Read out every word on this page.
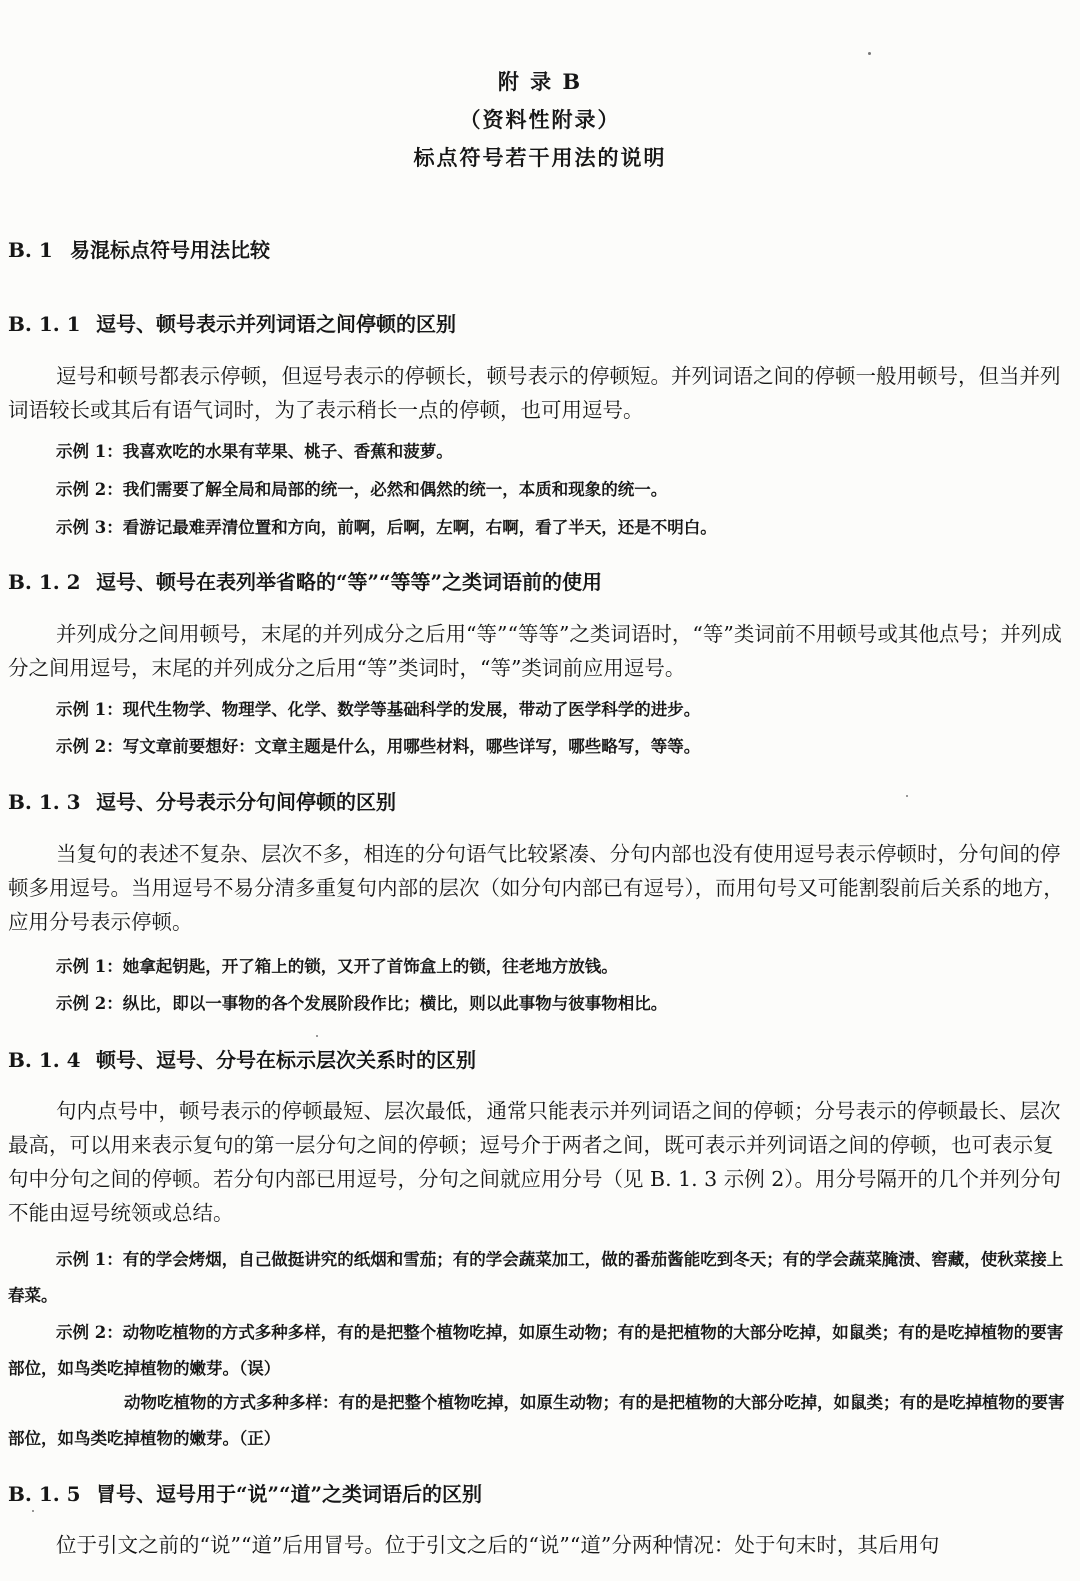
附 录 B
（资料性附录）
标点符号若干用法的说明
B. 1 易混标点符号用法比较
B. 1. 1 逗号、顿号表示并列词语之间停顿的区别
逗号和顿号都表示停顿，但逗号表示的停顿长，顿号表示的停顿短。并列词语之间的停顿一般用顿号，但当并列词语较长或其后有语气词时，为了表示稍长一点的停顿，也可用逗号。
示例 1：我喜欢吃的水果有苹果、桃子、香蕉和菠萝。
示例 2：我们需要了解全局和局部的统一，必然和偶然的统一，本质和现象的统一。
示例 3：看游记最难弄清位置和方向，前啊，后啊，左啊，右啊，看了半天，还是不明白。
B. 1. 2 逗号、顿号在表列举省略的“等”“等等”之类词语前的使用
并列成分之间用顿号，末尾的并列成分之后用“等”“等等”之类词语时，“等”类词前不用顿号或其他点号；并列成分之间用逗号，末尾的并列成分之后用“等”类词时，“等”类词前应用逗号。
示例 1：现代生物学、物理学、化学、数学等基础科学的发展，带动了医学科学的进步。
示例 2：写文章前要想好：文章主题是什么，用哪些材料，哪些详写，哪些略写，等等。
B. 1. 3 逗号、分号表示分句间停顿的区别
当复句的表述不复杂、层次不多，相连的分句语气比较紧凑、分句内部也没有使用逗号表示停顿时，分句间的停顿多用逗号。当用逗号不易分清多重复句内部的层次（如分句内部已有逗号），而用句号又可能割裂前后关系的地方，应用分号表示停顿。
示例 1：她拿起钥匙，开了箱上的锁，又开了首饰盒上的锁，往老地方放钱。
示例 2：纵比，即以一事物的各个发展阶段作比；横比，则以此事物与彼事物相比。
B. 1. 4 顿号、逗号、分号在标示层次关系时的区别
句内点号中，顿号表示的停顿最短、层次最低，通常只能表示并列词语之间的停顿；分号表示的停顿最长、层次最高，可以用来表示复句的第一层分句之间的停顿；逗号介于两者之间，既可表示并列词语之间的停顿，也可表示复句中分句之间的停顿。若分句内部已用逗号，分句之间就应用分号（见 B. 1. 3 示例 2）。用分号隔开的几个并列分句不能由逗号统领或总结。
示例 1：有的学会烤烟，自己做挺讲究的纸烟和雪茄；有的学会蔬菜加工，做的番茄酱能吃到冬天；有的学会蔬菜腌渍、窖藏，使秋菜接上春菜。
示例 2：动物吃植物的方式多种多样，有的是把整个植物吃掉，如原生动物；有的是把植物的大部分吃掉，如鼠类；有的是吃掉植物的要害部位，如鸟类吃掉植物的嫩芽。（误）
动物吃植物的方式多种多样：有的是把整个植物吃掉，如原生动物；有的是把植物的大部分吃掉，如鼠类；有的是吃掉植物的要害部位，如鸟类吃掉植物的嫩芽。（正）
B. 1. 5 冒号、逗号用于“说”“道”之类词语后的区别
位于引文之前的“说”“道”后用冒号。位于引文之后的“说”“道”分两种情况：处于句末时，其后用句
